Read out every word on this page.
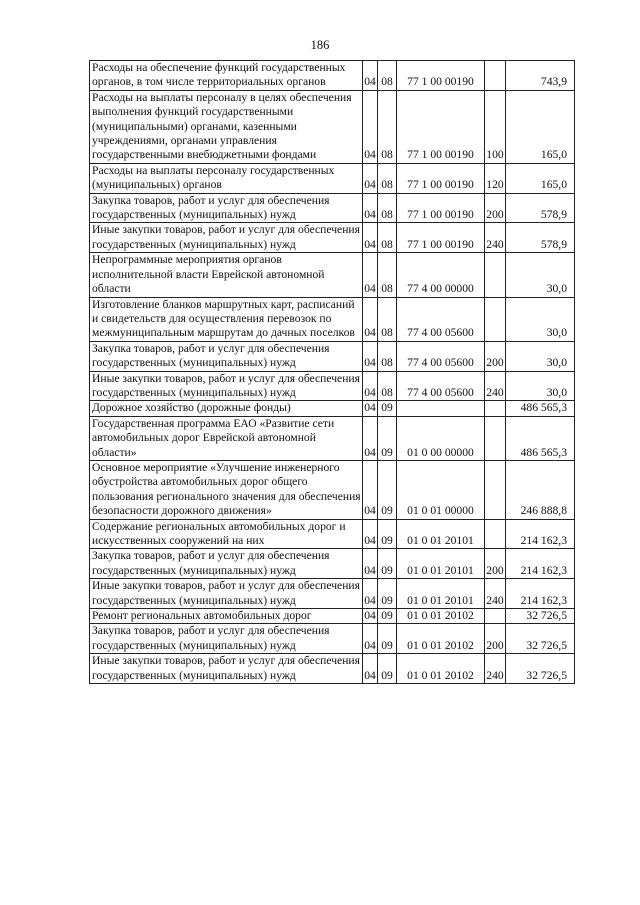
186
Расходы на обеспечение функций государственных органов, в том числе территориальных органов	04	08	77 1 00 00190		743,9
Расходы на выплаты персоналу в целях обеспечения выполнения функций государственными (муниципальными) органами, казенными учреждениями, органами управления государственными внебюджетными фондами	04	08	77 1 00 00190	100	165,0
Расходы на выплаты персоналу государственных (муниципальных) органов	04	08	77 1 00 00190	120	165,0
Закупка товаров, работ и услуг для обеспечения государственных (муниципальных) нужд	04	08	77 1 00 00190	200	578,9
Иные закупки товаров, работ и услуг для обеспечения государственных (муниципальных) нужд	04	08	77 1 00 00190	240	578,9
Непрограммные мероприятия органов исполнительной власти Еврейской автономной области	04	08	77 4 00 00000		30,0
Изготовление бланков маршрутных карт, расписаний и свидетельств для осуществления перевозок по межмуниципальным маршрутам до дачных поселков	04	08	77 4 00 05600		30,0
Закупка товаров, работ и услуг для обеспечения государственных (муниципальных) нужд	04	08	77 4 00 05600	200	30,0
Иные закупки товаров, работ и услуг для обеспечения государственных (муниципальных) нужд	04	08	77 4 00 05600	240	30,0
Дорожное хозяйство (дорожные фонды)	04	09			486 565,3
Государственная программа ЕАО «Развитие сети автомобильных дорог Еврейской автономной области»	04	09	01 0 00 00000		486 565,3
Основное мероприятие «Улучшение инженерного обустройства автомобильных дорог общего пользования регионального значения для обеспечения безопасности дорожного движения»	04	09	01 0 01 00000		246 888,8
Содержание региональных автомобильных дорог и искусственных сооружений на них	04	09	01 0 01 20101		214 162,3
Закупка товаров, работ и услуг для обеспечения государственных (муниципальных) нужд	04	09	01 0 01 20101	200	214 162,3
Иные закупки товаров, работ и услуг для обеспечения государственных (муниципальных) нужд	04	09	01 0 01 20101	240	214 162,3
Ремонт региональных автомобильных дорог	04	09	01 0 01 20102		32 726,5
Закупка товаров, работ и услуг для обеспечения государственных (муниципальных) нужд	04	09	01 0 01 20102	200	32 726,5
Иные закупки товаров, работ и услуг для обеспечения государственных (муниципальных) нужд	04	09	01 0 01 20102	240	32 726,5
